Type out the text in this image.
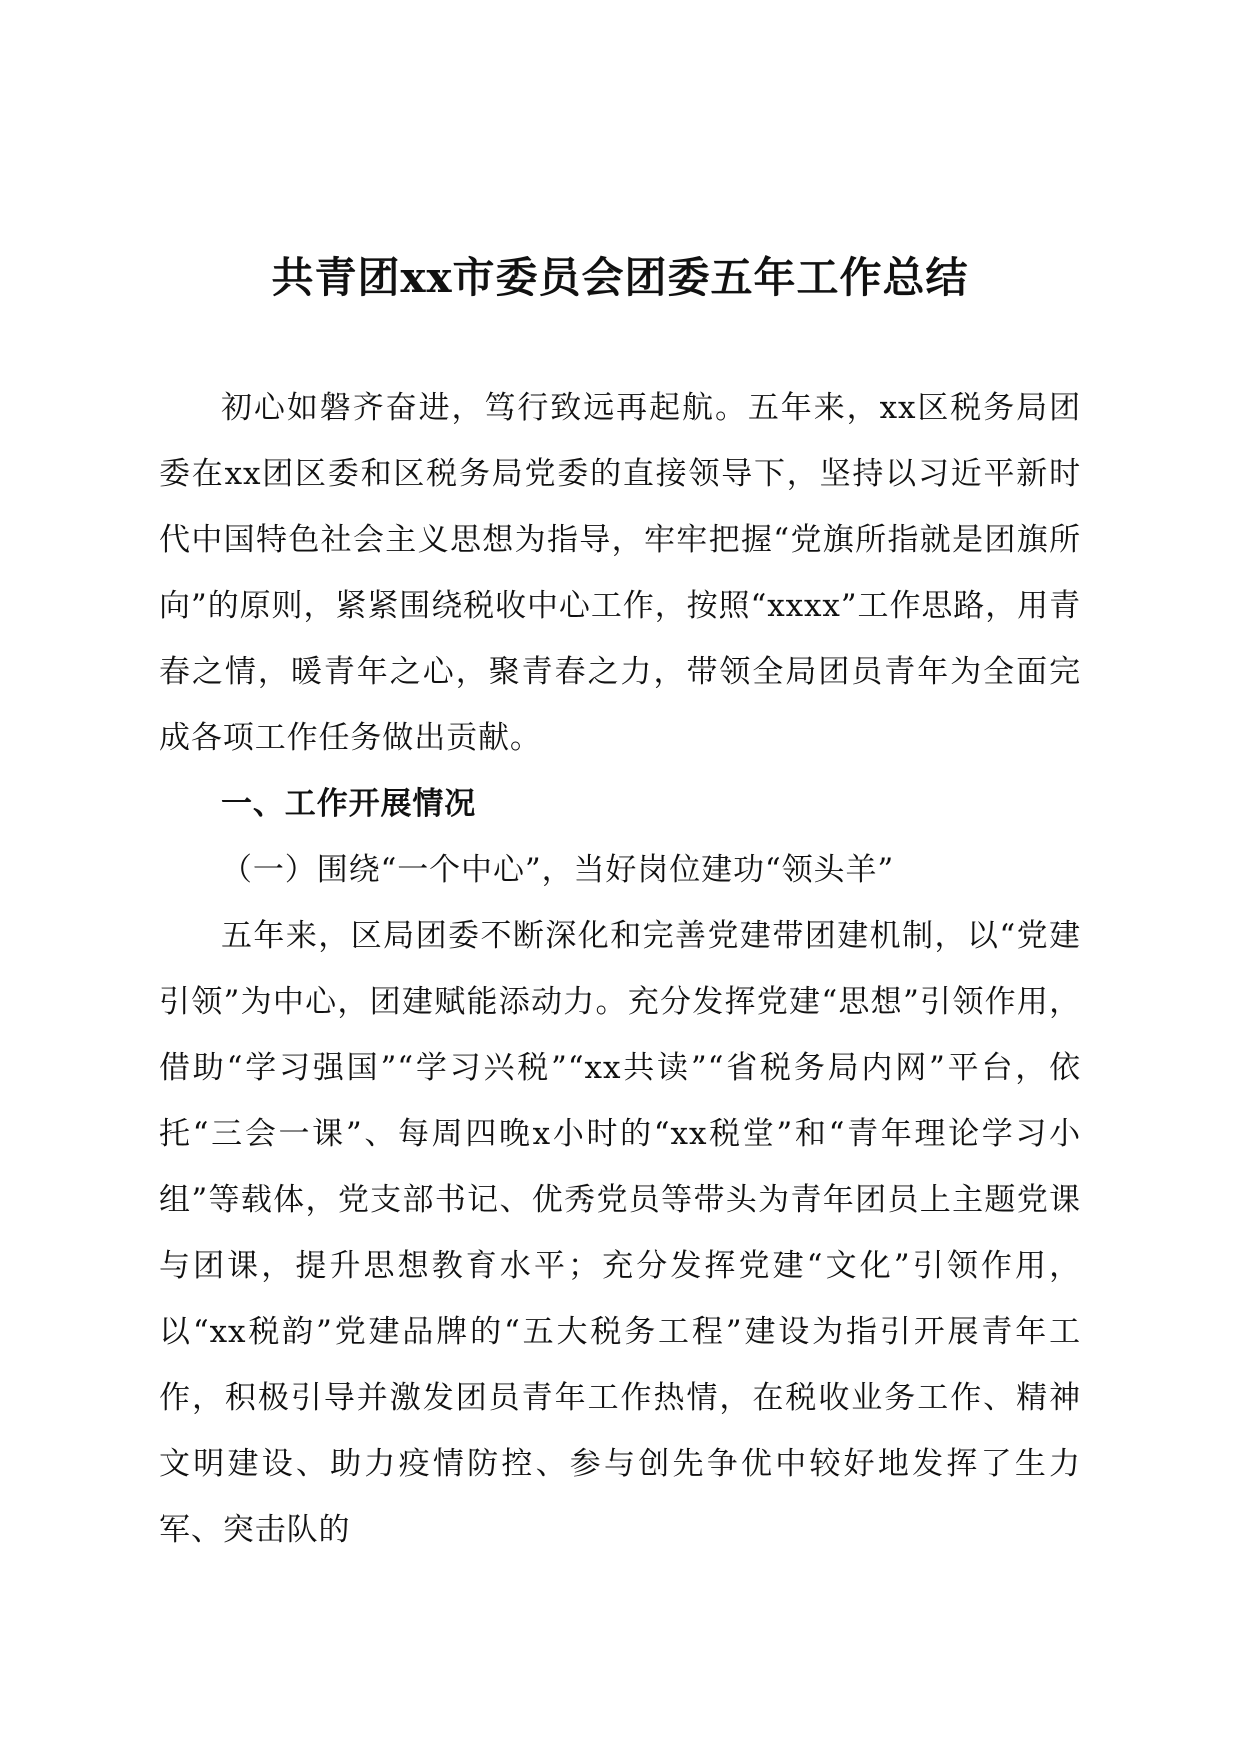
共青团xx市委员会团委五年工作总结

初心如磐齐奋进，笃行致远再起航。五年来，xx区税务局团委在xx团区委和区税务局党委的直接领导下，坚持以习近平新时代中国特色社会主义思想为指导，牢牢把握“党旗所指就是团旗所向”的原则，紧紧围绕税收中心工作，按照“xxxx”工作思路，用青春之情，暖青年之心，聚青春之力，带领全局团员青年为全面完成各项工作任务做出贡献。

一、工作开展情况

（一）围绕“一个中心”，当好岗位建功“领头羊”

五年来，区局团委不断深化和完善党建带团建机制，以“党建引领”为中心，团建赋能添动力。充分发挥党建“思想”引领作用，借助“学习强国”“学习兴税”“xx共读”“省税务局内网”平台，依托“三会一课”、每周四晚x小时的“xx税堂”和“青年理论学习小组”等载体，党支部书记、优秀党员等带头为青年团员上主题党课与团课，提升思想教育水平；充分发挥党建“文化”引领作用，以“xx税韵”党建品牌的“五大税务工程”建设为指引开展青年工作，积极引导并激发团员青年工作热情，在税收业务工作、精神文明建设、助力疫情防控、参与创先争优中较好地发挥了生力军、突击队的
